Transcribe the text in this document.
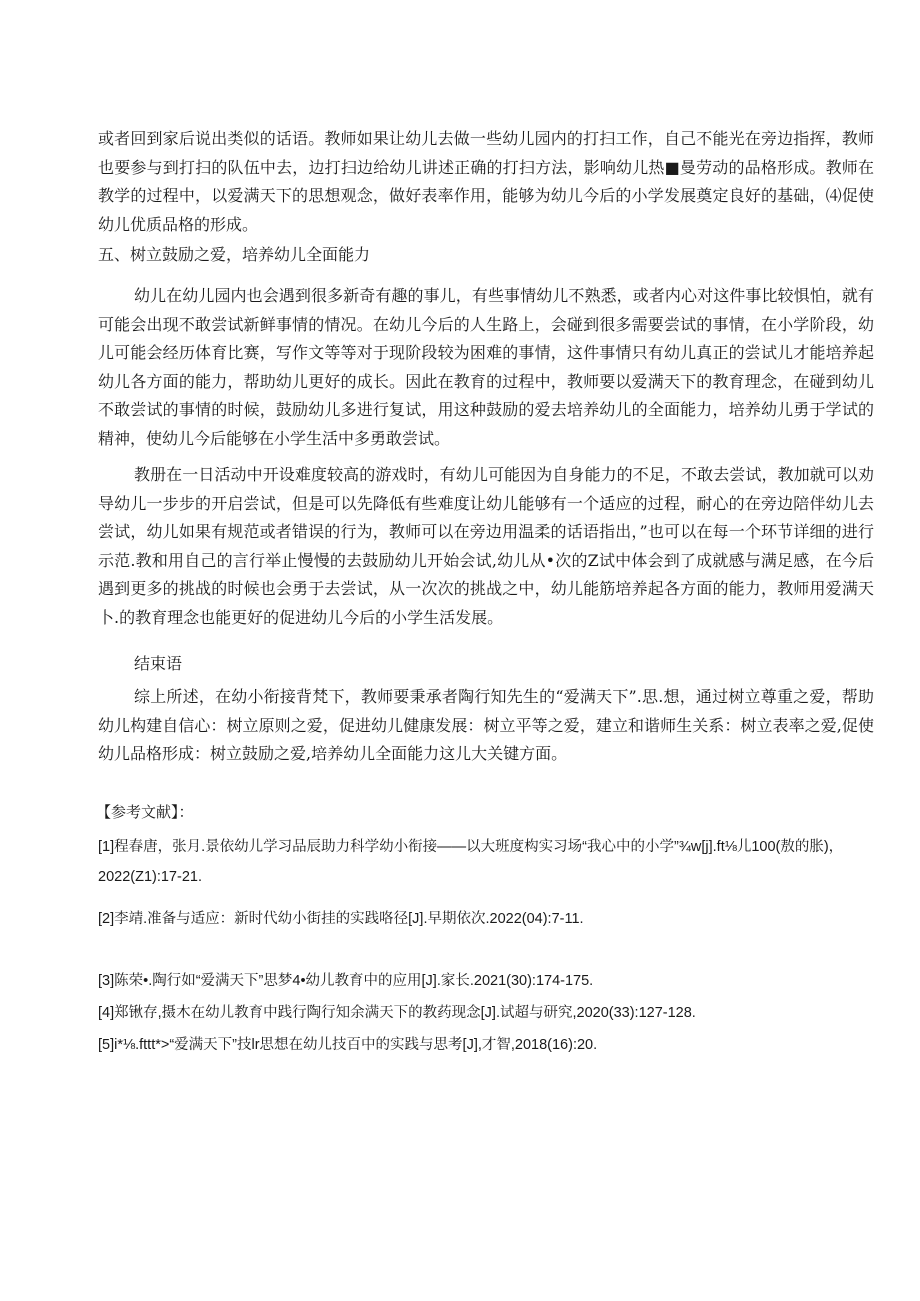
或者回到家后说出类似的话语。教师如果让幼儿去做一些幼儿园内的打扫工作，自己不能光在旁边指挥，教师也要参与到打扫的队伍中去，边打扫边给幼儿讲述正确的打扫方法，影响幼儿热■曼劳动的品格形成。教师在教学的过程中，以爱满天下的思想观念，做好表率作用，能够为幼儿今后的小学发展奠定良好的基础，⑷促使幼儿优质品格的形成。

五、树立鼓励之爱，培养幼儿全面能力

幼儿在幼儿园内也会遇到很多新奇有趣的事儿，有些事情幼儿不熟悉，或者内心对这件事比较惧怕，就有可能会出现不敢尝试新鲜事情的情况。在幼儿今后的人生路上，会碰到很多需要尝试的事情，在小学阶段，幼儿可能会经历体育比赛，写作文等等对于现阶段较为困难的事情，这件事情只有幼儿真正的尝试儿才能培养起幼儿各方面的能力，帮助幼儿更好的成长。因此在教育的过程中，教师要以爱满天下的教育理念，在碰到幼儿不敢尝试的事情的时候，鼓励幼儿多进行复试，用这种鼓励的爱去培养幼儿的全面能力，培养幼儿勇于学试的精神，使幼儿今后能够在小学生活中多勇敢尝试。

教册在一日活动中开设难度较高的游戏时，有幼儿可能因为自身能力的不足，不敢去尝试，教加就可以劝导幼儿一步步的开启尝试，但是可以先降低有些难度让幼儿能够有一个适应的过程，耐心的在旁边陪伴幼儿去尝试，幼儿如果有规范或者错误的行为，教师可以在旁边用温柔的话语指出，”也可以在每一个环节详细的进行示范.教和用自己的言行举止慢慢的去鼓励幼儿开始会试,幼儿从•次的Z试中体会到了成就感与满足感，在今后遇到更多的挑战的时候也会勇于去尝试，从一次次的挑战之中，幼儿能筋培养起各方面的能力，教师用爱满天卜.的教育理念也能更好的促进幼儿今后的小学生活发展。

结束语

综上所述，在幼小衔接背梵下，教师要秉承者陶行知先生的“爱满天下”.思.想，通过树立尊重之爱，帮助幼儿构建自信心：树立原则之爱，促进幼儿健康发展：树立平等之爱，建立和谐师生关系：树立表率之爱,促使幼儿品格形成：树立鼓励之爱,培养幼儿全面能力这儿大关键方面。

【参考文献】：

[1]程春唐，张月.景依幼儿学习品辰助力科学幼小衔接——以大班度构实习场“我心中的小学”¾w[j].ft⅛儿100(敖的胀)，2022(Z1):17-21.

[2]李靖.准备与适应：新时代幼小街挂的实践咯径[J].早期依次.2022(04):7-11.

[3]陈荣•.陶行如“爱满天下”思梦4•幼儿教育中的应用[J].家长.2021(30):174-175.

[4]郑锹存,摄木在幼儿教育中践行陶行知余满天下的教药现念[J].试超与研究,2020(33):127-128.

[5]i*⅛.fttt*>“爱满天下”技lr思想在幼儿技百中的实践与思考[J],才智,2018(16):20.
